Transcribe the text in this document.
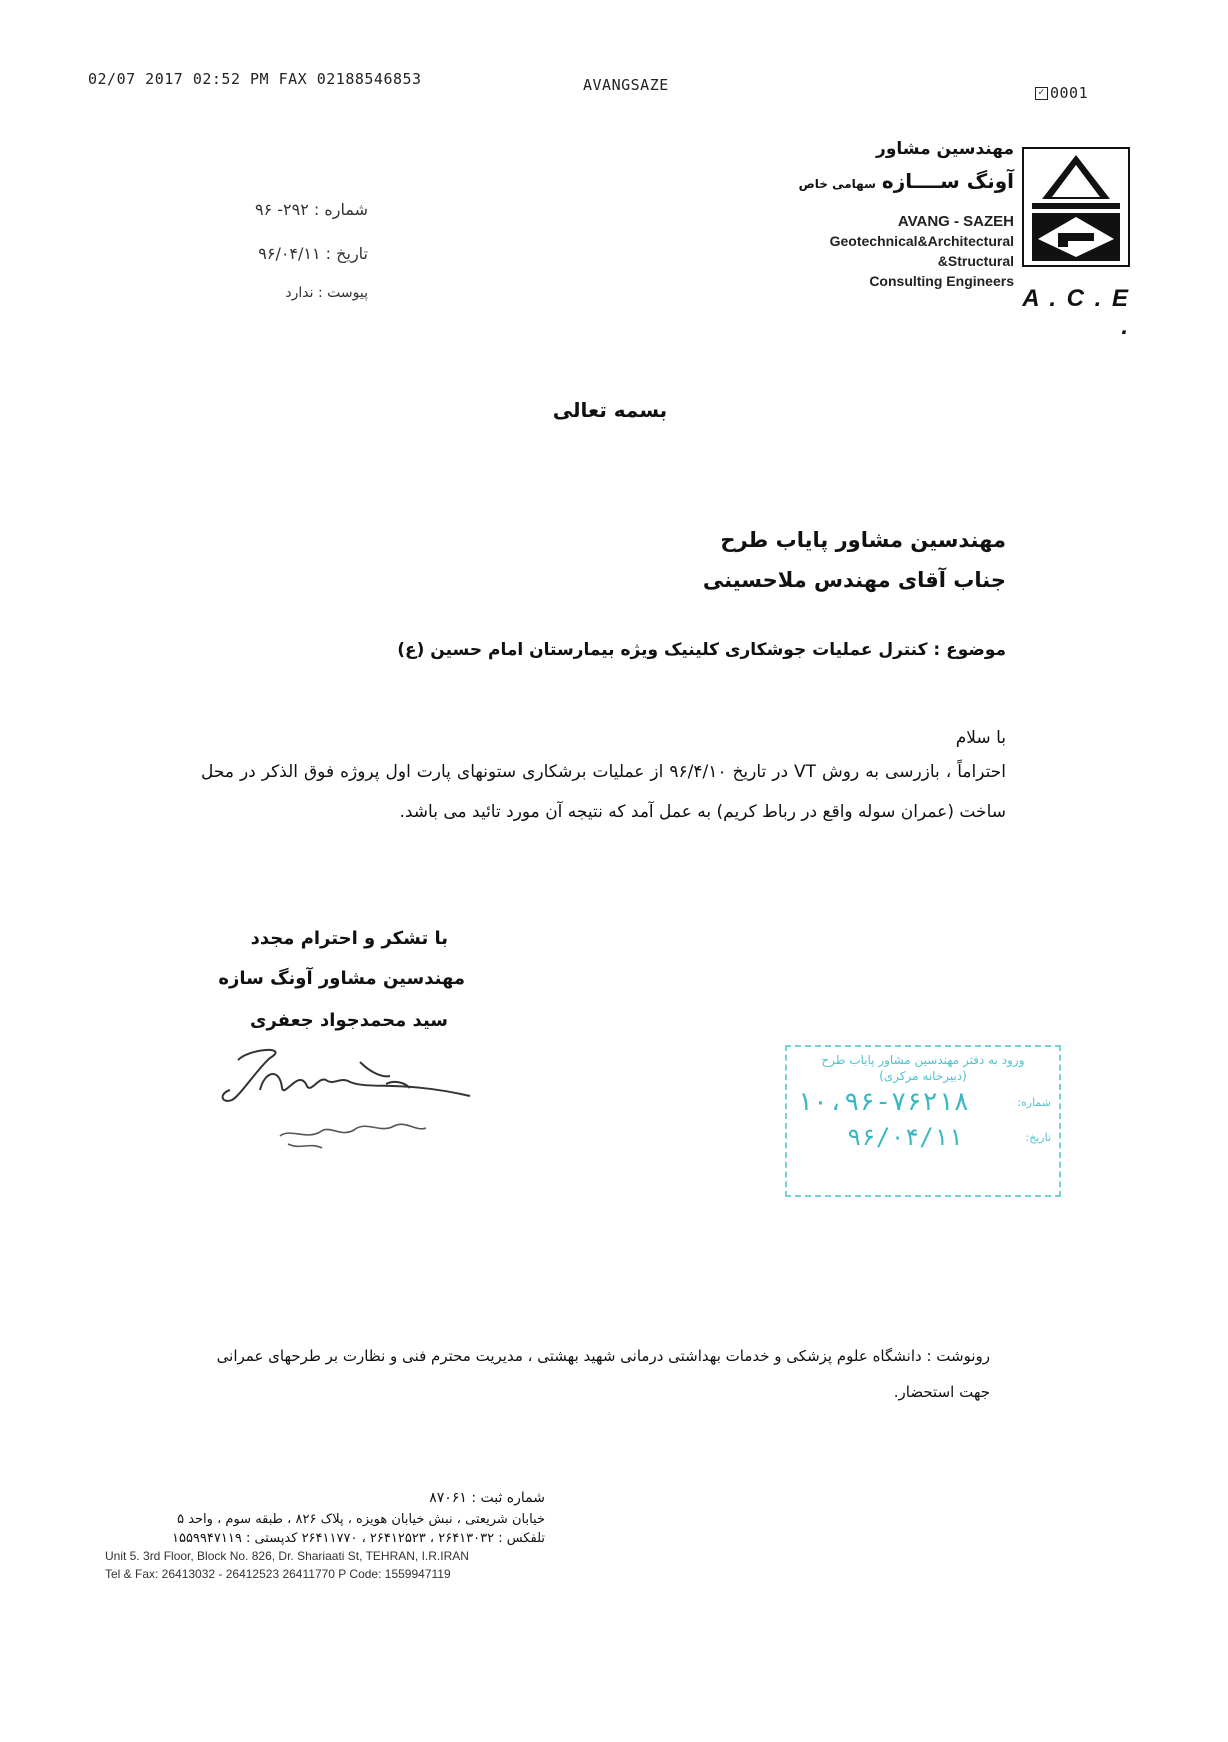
02/07 2017 02:52 PM FAX 02188546853	AVANGSAZE	✓ 0001
مهندسین مشاور
آونگ ســــازه
سهامی خاص
AVANG - SAZEH
Geotechnical&Architectural
&Structural
Consulting Engineers
A . C . E .
شماره : ۲۹۲- ۹۶
تاریخ : ۹۶/۰۴/۱۱
پیوست : ندارد
بسمه تعالی
مهندسین مشاور پایاب طرح
جناب آقای مهندس ملاحسینی
موضوع : کنترل عملیات جوشکاری کلینیک ویژه بیمارستان امام حسین (ع)
با سلام
احتراماً ، بازرسی به روش VT در تاریخ ۹۶/۴/۱۰ از عملیات برشکاری ستونهای پارت اول پروژه فوق الذکر در محل ساخت (عمران سوله واقع در رباط کریم) به عمل آمد که نتیجه آن مورد تائید می باشد.
با تشکر و احترام مجدد
مهندسین مشاور آونگ سازه
سید محمدجواد جعفری
ورود به دفتر مهندسین مشاور پایاب طرح
(دبیرخانه مرکزی)
۱۰،۹۶-۷۶۲۱۸	شماره:
۹۶/۰۴/۱۱	تاریخ:
رونوشت : دانشگاه علوم پزشکی و خدمات بهداشتی درمانی شهید بهشتی ، مدیریت محترم فنی و نظارت بر طرحهای عمرانی جهت استحضار.
شماره ثبت : ۸۷۰۶۱
خیابان شریعتی ، نبش خیابان هویزه ، پلاک ۸۲۶ ، طبقه سوم ، واحد ۵
تلفکس : ۲۶۴۱۳۰۳۲ ، ۲۶۴۱۲۵۲۳ ، ۲۶۴۱۱۷۷۰ کدپستی : ۱۵۵۹۹۴۷۱۱۹
Unit 5. 3rd Floor, Block No. 826, Dr. Shariaati St, TEHRAN, I.R.IRAN
Tel & Fax: 26413032 - 26412523 26411770 P Code: 1559947119
